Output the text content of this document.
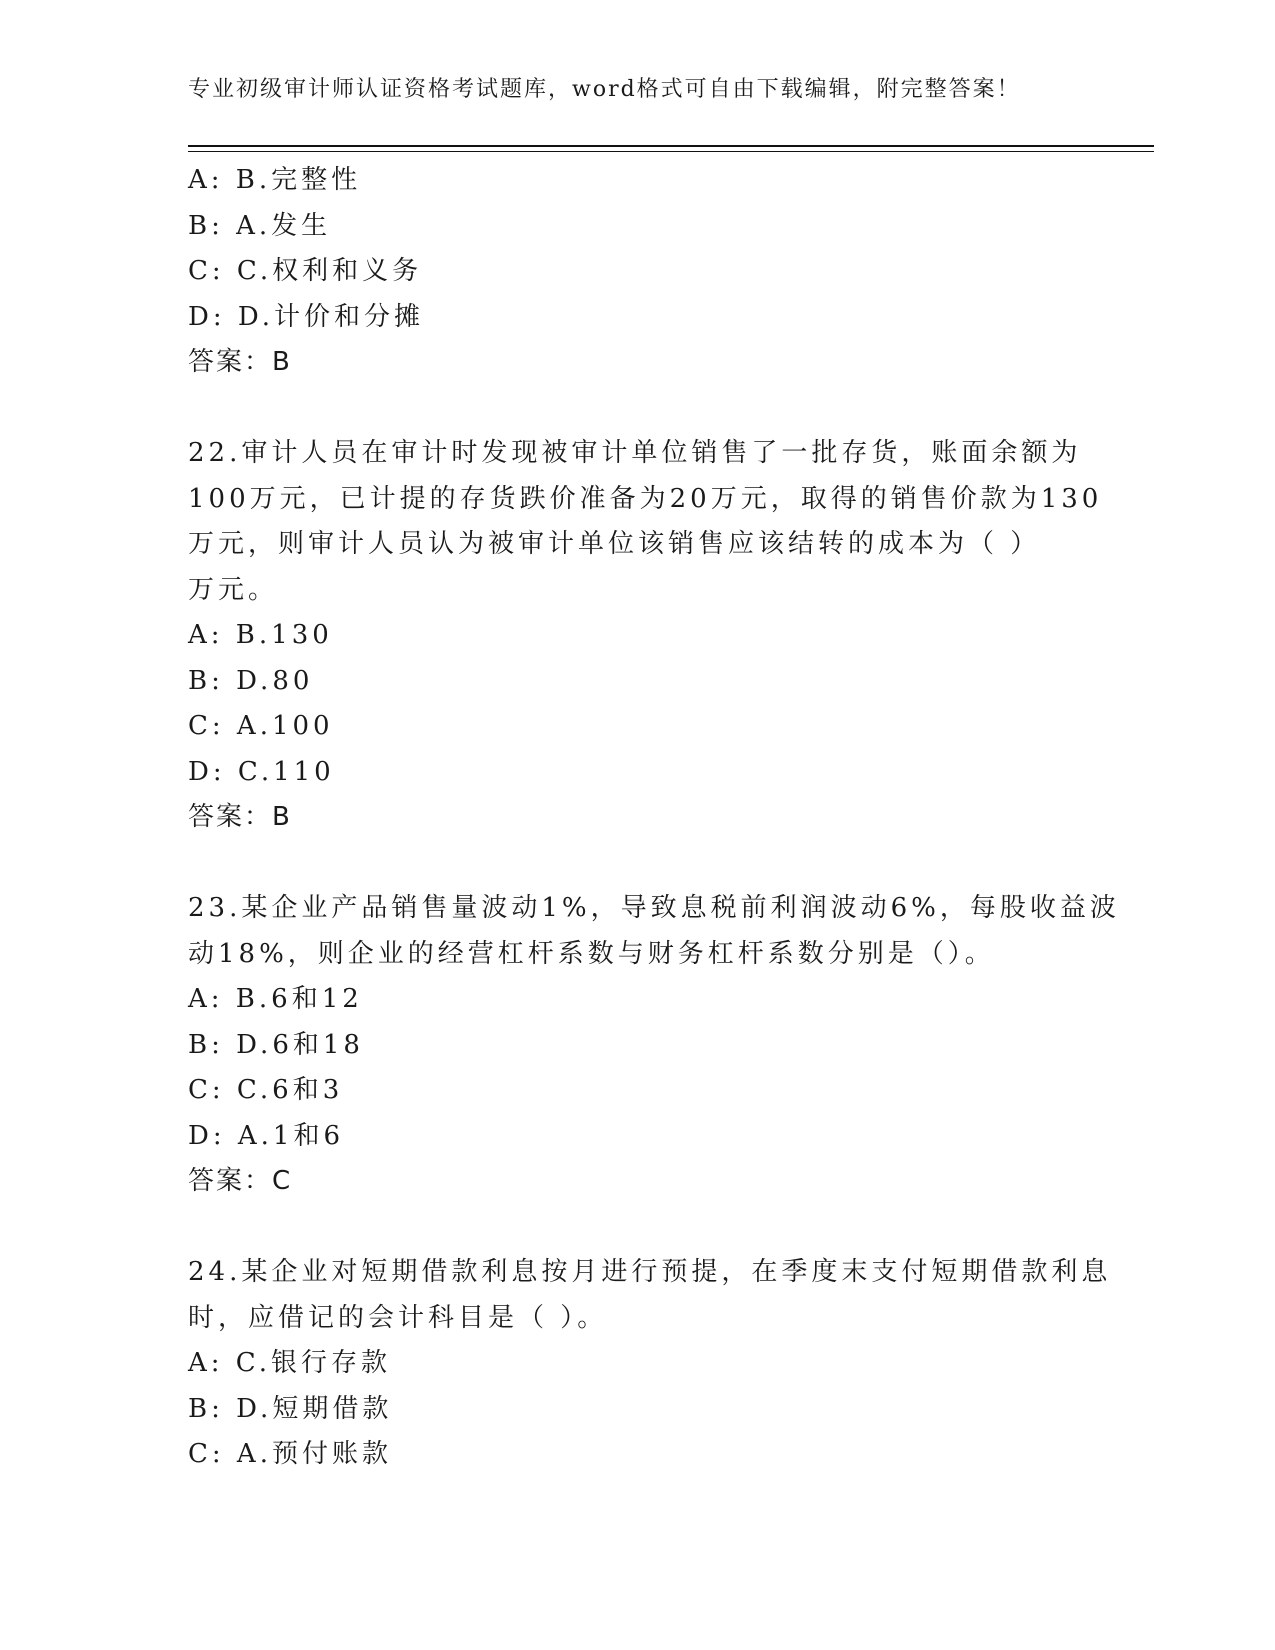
专业初级审计师认证资格考试题库，word格式可自由下载编辑，附完整答案！
A: B.完整性
B: A.发生
C: C.权利和义务
D: D.计价和分摊
答案：B
22.审计人员在审计时发现被审计单位销售了一批存货，账面余额为
100万元，已计提的存货跌价准备为20万元，取得的销售价款为130
万元，则审计人员认为被审计单位该销售应该结转的成本为（ ）
万元。
A: B.130
B: D.80
C: A.100
D: C.110
答案：B
23.某企业产品销售量波动1%，导致息税前利润波动6%，每股收益波
动18%，则企业的经营杠杆系数与财务杠杆系数分别是（）。
A: B.6和12
B: D.6和18
C: C.6和3
D: A.1和6
答案：C
24.某企业对短期借款利息按月进行预提，在季度末支付短期借款利息
时，应借记的会计科目是（ ）。
A: C.银行存款
B: D.短期借款
C: A.预付账款
